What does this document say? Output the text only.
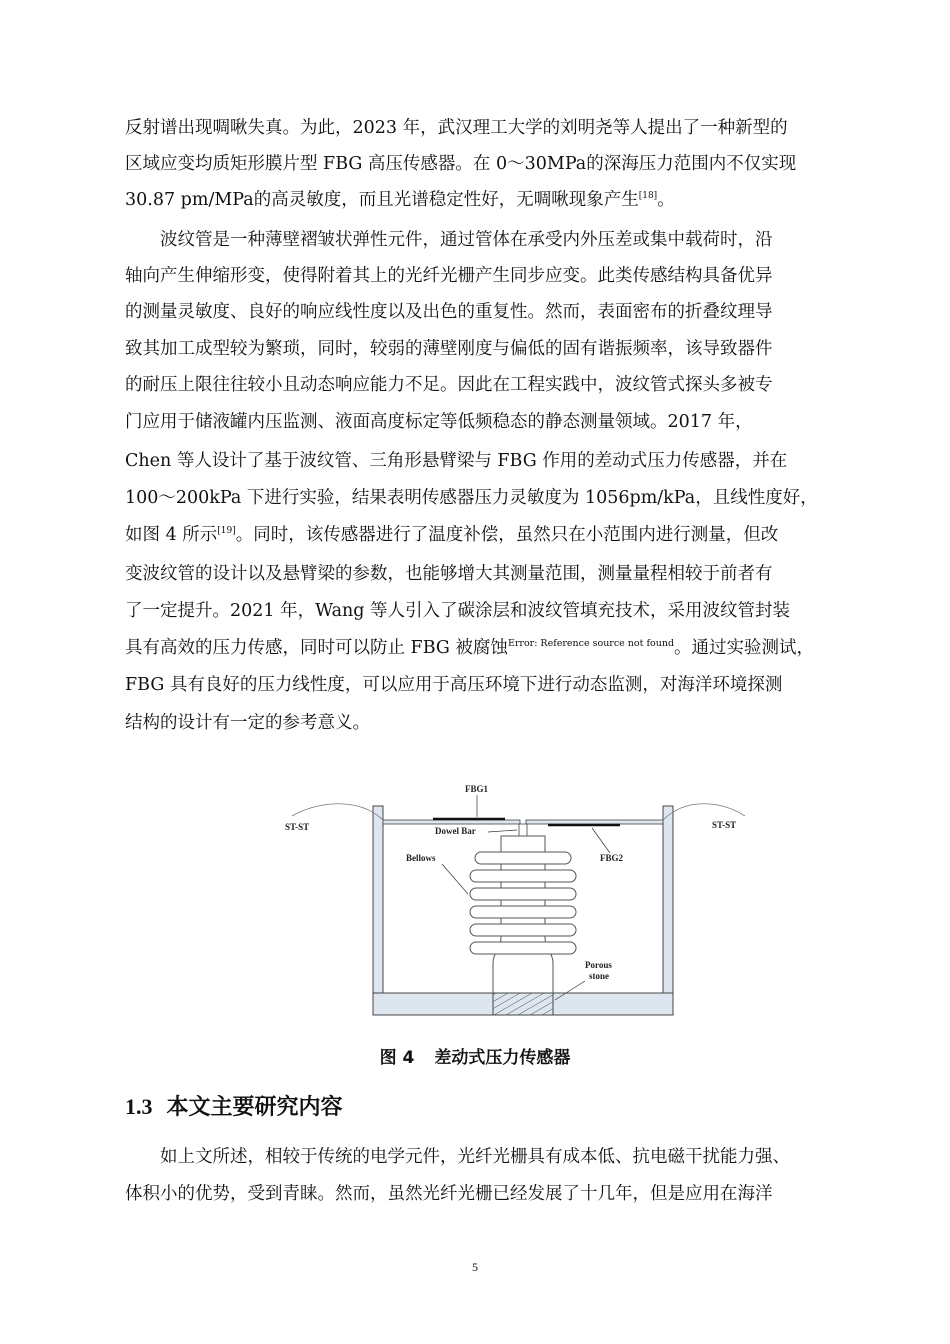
反射谱出现啁啾失真。为此，2023 年，武汉理工大学的刘明尧等人提出了一种新型的
区域应变均质矩形膜片型 FBG 高压传感器。在 0～30MPa的深海压力范围内不仅实现
30.87 pm/MPa的高灵敏度，而且光谱稳定性好，无啁啾现象产生[18]。
波纹管是一种薄壁褶皱状弹性元件，通过管体在承受内外压差或集中载荷时，沿
轴向产生伸缩形变，使得附着其上的光纤光栅产生同步应变。此类传感结构具备优异
的测量灵敏度、良好的响应线性度以及出色的重复性。然而，表面密布的折叠纹理导
致其加工成型较为繁琐，同时，较弱的薄壁刚度与偏低的固有谐振频率，该导致器件
的耐压上限往往较小且动态响应能力不足。因此在工程实践中，波纹管式探头多被专
门应用于储液罐内压监测、液面高度标定等低频稳态的静态测量领域。2017 年，
Chen 等人设计了基于波纹管、三角形悬臂梁与 FBG 作用的差动式压力传感器，并在
100～200kPa 下进行实验，结果表明传感器压力灵敏度为 1056pm/kPa，且线性度好，
如图 4 所示[19]。同时，该传感器进行了温度补偿，虽然只在小范围内进行测量，但改
变波纹管的设计以及悬臂梁的参数，也能够增大其测量范围，测量量程相较于前者有
了一定提升。2021 年，Wang 等人引入了碳涂层和波纹管填充技术，采用波纹管封装
具有高效的压力传感，同时可以防止 FBG 被腐蚀$^{Error: Reference source not found}$。通过实验测试，
FBG 具有良好的压力线性度，可以应用于高压环境下进行动态监测，对海洋环境探测
结构的设计有一定的参考意义。
FBG1
FBG2
ST-ST	ST-ST
Dowel Bar
Bellows
Porous
stone
图 4 差动式压力传感器
1.3 本文主要研究内容
如上文所述，相较于传统的电学元件，光纤光栅具有成本低、抗电磁干扰能力强、
体积小的优势，受到青睐。然而，虽然光纤光栅已经发展了十几年，但是应用在海洋
5
